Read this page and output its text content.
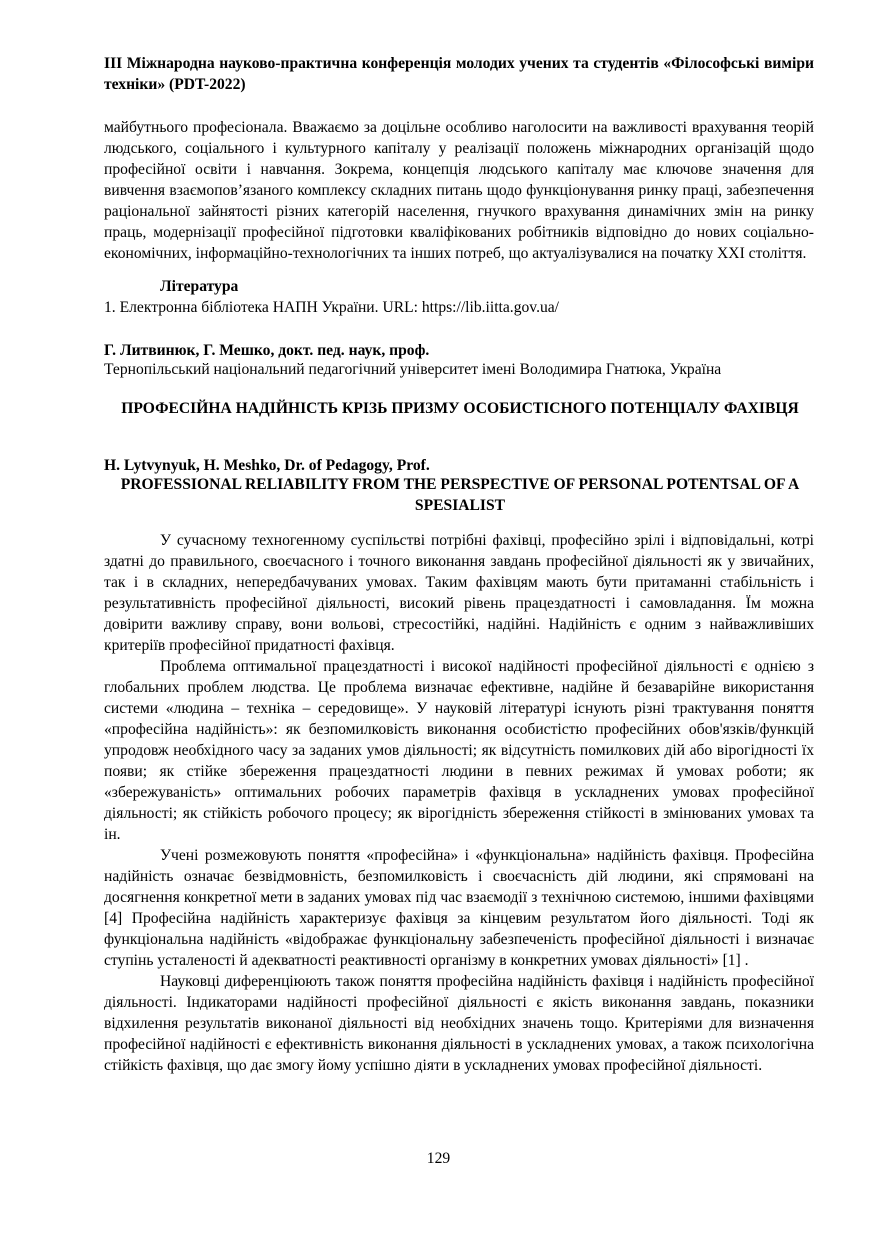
ІІІ Міжнародна науково-практична конференція молодих учених та студентів «Філософські виміри техніки» (PDT-2022)
майбутнього професіонала. Вважаємо за доцільне особливо наголосити на важливості врахування теорій людського, соціального і культурного капіталу у реалізації положень міжнародних організацій щодо професійної освіти і навчання. Зокрема, концепція людського капіталу має ключове значення для вивчення взаємопов’язаного комплексу складних питань щодо функціонування ринку праці, забезпечення раціональної зайнятості різних категорій населення, гнучкого врахування динамічних змін на ринку праць, модернізації професійної підготовки кваліфікованих робітників відповідно до нових соціально-економічних, інформаційно-технологічних та інших потреб, що актуалізувалися на початку ХХІ століття.
Література
1. Електронна бібліотека НАПН України. URL: https://lib.iitta.gov.ua/
Г. Литвинюк, Г. Мешко, докт. пед. наук, проф.
Тернопільський національний педагогічний університет імені Володимира Гнатюка, Україна
ПРОФЕСІЙНА НАДІЙНІСТЬ КРІЗЬ ПРИЗМУ ОСОБИСТІСНОГО ПОТЕНЦІАЛУ ФАХІВЦЯ
H. Lytvynyuk, H. Meshko, Dr. of Pedagogy, Prof.
PROFESSIONAL RELIABILITY FROM THE PERSPECTIVE OF PERSONAL POTENTSAL OF A SPESIALIST

У сучасному техногенному суспільстві потрібні фахівці, професійно зрілі і відповідальні, котрі здатні до правильного, своєчасного і точного виконання завдань професійної діяльності як у звичайних, так і в складних, непередбачуваних умовах. Таким фахівцям мають бути притаманні стабільність і результативність професійної діяльності, високий рівень працездатності і самовладання. Їм можна довірити важливу справу, вони вольові, стресостійкі, надійні. Надійність є одним з найважливіших критеріїв професійної придатності фахівця.

Проблема оптимальної працездатності і високої надійності професійної діяльності є однією з глобальних проблем людства. Це проблема визначає ефективне, надійне й безаварійне використання системи «людина – техніка – середовище». У науковій літературі існують різні трактування поняття «професійна надійність»: як безпомилковість виконання особистістю професійних обов'язків/функцій упродовж необхідного часу за заданих умов діяльності; як відсутність помилкових дій або вірогідності їх появи; як стійке збереження працездатності людини в певних режимах й умовах роботи; як «збережуваність» оптимальних робочих параметрів фахівця в ускладнених умовах професійної діяльності; як стійкість робочого процесу; як вірогідність збереження стійкості в змінюваних умовах та ін.

Учені розмежовують поняття «професійна» і «функціональна» надійність фахівця. Професійна надійність означає безвідмовність, безпомилковість і своєчасність дій людини, які спрямовані на досягнення конкретної мети в заданих умовах під час взаємодії з технічною системою, іншими фахівцями [4] Професійна надійність характеризує фахівця за кінцевим результатом його діяльності. Тоді як функціональна надійність «відображає функціональну забезпеченість професійної діяльності і визначає ступінь усталеності й адекватності реактивності організму в конкретних умовах діяльності» [1] .

Науковці диференціюють також поняття професійна надійність фахівця і надійність професійної діяльності. Індикаторами надійності професійної діяльності є якість виконання завдань, показники відхилення результатів виконаної діяльності від необхідних значень тощо. Критеріями для визначення професійної надійності є ефективність виконання діяльності в ускладнених умовах, а також психологічна стійкість фахівця, що дає змогу йому успішно діяти в ускладнених умовах професійної діяльності.

129
